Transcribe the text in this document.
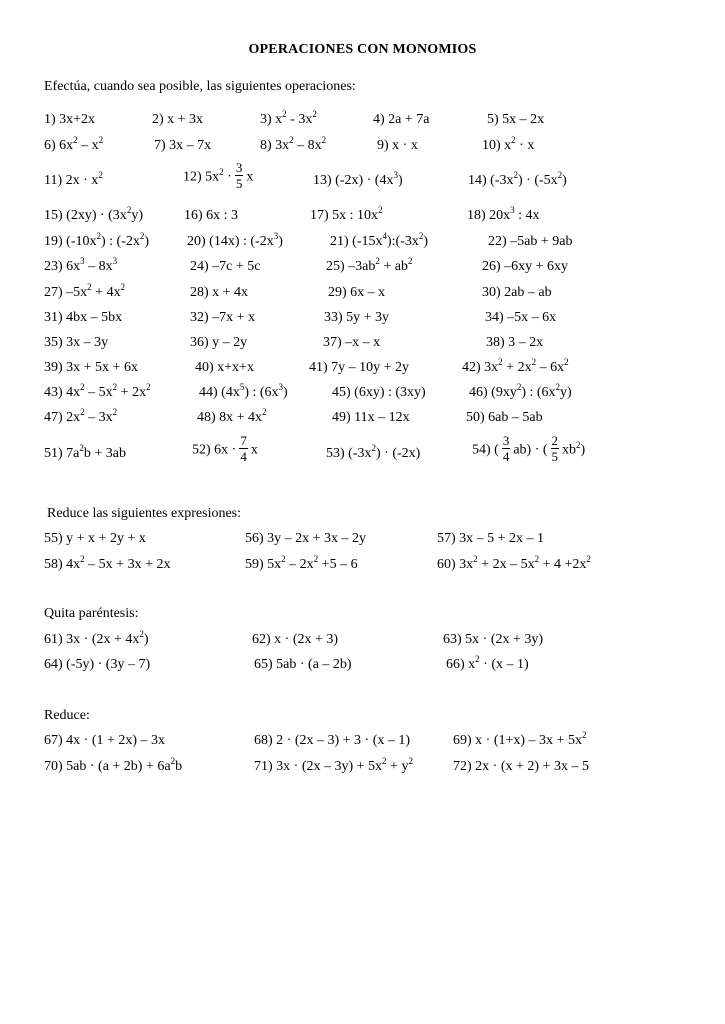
OPERACIONES CON MONOMIOS
Efectúa, cuando sea posible, las siguientes operaciones:
1) 3x+2x	2) x + 3x	3) $x^2 - 3x^2$	4) 2a + 7a	5) 5x – 2x
6) $6x^2 - x^2$	7) 3x – 7x	8) $3x^2 - 8x^2$	9) x · x	10) $x^2 \cdot x$
11) $2x \cdot x^2$	12) $5x^2 \cdot \frac{3}{5}$ x	13) $(-2x) \cdot (4x^3)$	14) $(-3x^2) \cdot (-5x^2)$
15) $(2xy) \cdot (3x^2y)$	16) 6x : 3	17) 5x : $10x^2$	18) $20x^3$ : 4x
19) $(-10x^2)$ : $(-2x^2)$	20) (14x) : $(-2x^3)$	21) $(-15x^4):(-3x^2)$	22) –5ab + 9ab
23) $6x^3 - 8x^3$	24) –7c + 5c	25) $-3ab^2 + ab^2$	26) –6xy + 6xy
27) $-5x^2 + 4x^2$	28) x + 4x	29) 6x – x	30) 2ab – ab
31) 4bx – 5bx	32) –7x + x	33) 5y + 3y	34) –5x – 6x
35) 3x – 3y	36) y – 2y	37) –x – x	38) 3 – 2x
39) 3x + 5x + 6x	40) x+x+x	41) 7y – 10y + 2y	42) $3x^2 + 2x^2 - 6x^2$
43) $4x^2 - 5x^2 + 2x^2$	44) $(4x^5)$ : $(6x^3)$	45) (6xy) : (3xy)	46) $(9xy^2)$ : $(6x^2y)$
47) $2x^2 - 3x^2$	48) $8x + 4x^2$	49) 11x – 12x	50) 6ab – 5ab
51) $7a^2b + 3ab$	52) $6x \cdot \frac{7}{4}$ x	53) $(-3x^2) \cdot (-2x)$	54) ( $\frac{3}{4} ab$) · ( $\frac{2}{5} xb^2$)
Reduce las siguientes expresiones:
55) y + x + 2y + x	56) 3y – 2x + 3x – 2y	57) 3x – 5 + 2x – 1
58) $4x^2 - 5x + 3x + 2x$	59) $5x^2 - 2x^2 +5 - 6$	60) $3x^2 + 2x - 5x^2 + 4 +2x^2$
Quita paréntesis:
61) $3x \cdot (2x + 4x^2)$	62) x · (2x + 3)	63) 5x · (2x + 3y)
64) (-5y) · (3y – 7)	65) 5ab · (a – 2b)	66) $x^2 \cdot (x - 1)$
Reduce:
67) 4x · (1 + 2x) – 3x	68) 2 · (2x – 3) + 3 · (x – 1)	69) $x \cdot (1+x) - 3x + 5x^2$
70) $5ab \cdot (a + 2b) + 6a^2b$	71) $3x \cdot (2x - 3y) + 5x^2 + y^2$	72) 2x · (x + 2) + 3x – 5
